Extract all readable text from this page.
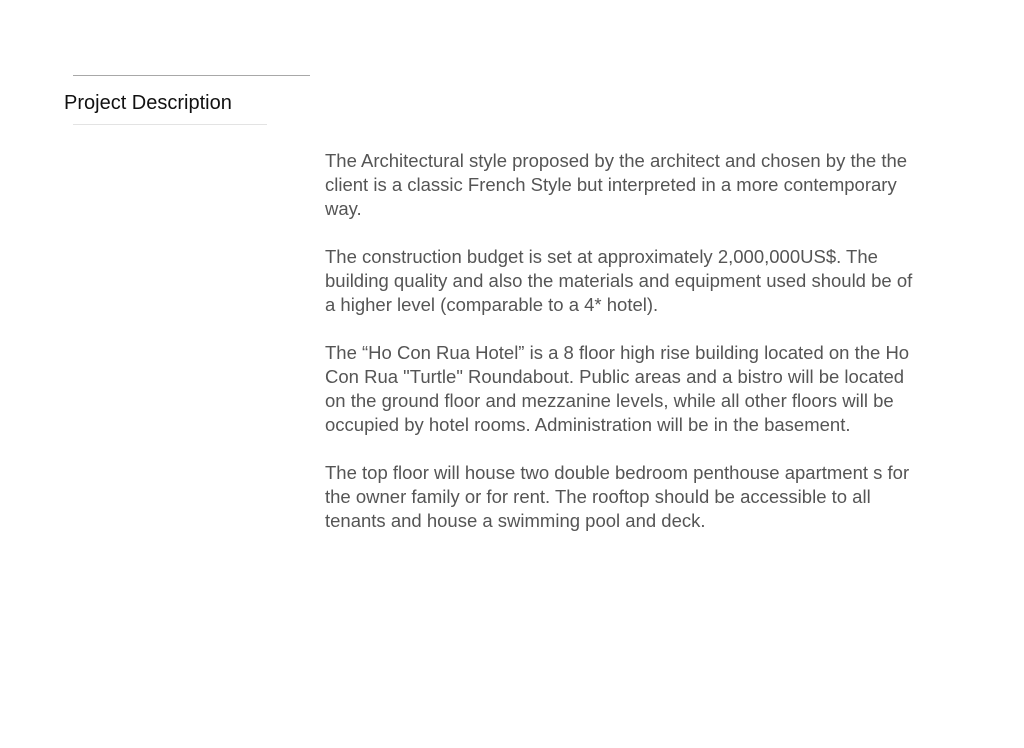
Project Description

The Architectural style proposed by the architect and chosen by the the client is a classic French Style but interpreted in a more contemporary way.

The construction budget is set at approximately 2,000,000US$. The building quality and also the materials and equipment used should be of a higher level (comparable to a 4* hotel).

The “Ho Con Rua Hotel” is a 8 floor high rise building located on the Ho Con Rua "Turtle" Roundabout. Public areas and a bistro will be located on the ground floor and mezzanine levels, while all other floors will be occupied by hotel rooms. Administration will be in the basement.

The top floor will house two double bedroom penthouse apartment s for the owner family or for rent. The rooftop should be accessible to all tenants and house a swimming pool and deck.
